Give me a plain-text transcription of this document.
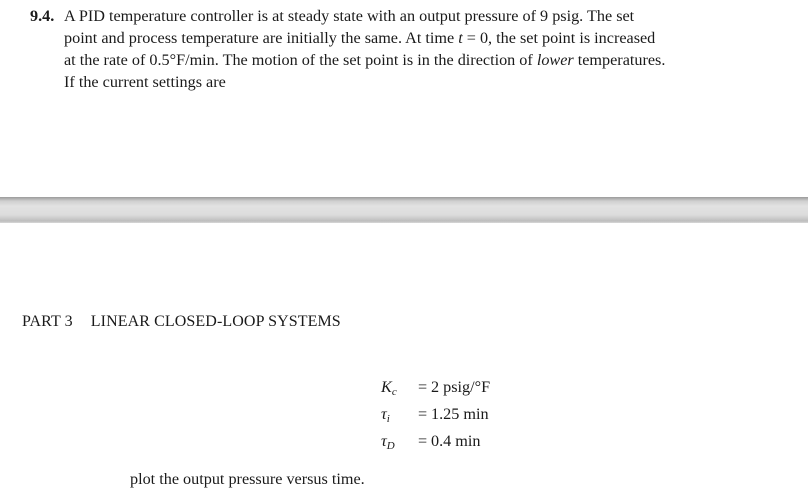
9.4. A PID temperature controller is at steady state with an output pressure of 9 psig. The set
point and process temperature are initially the same. At time t = 0, the set point is increased
at the rate of 0.5°F/min. The motion of the set point is in the direction of lower temperatures.
If the current settings are
PART 3 LINEAR CLOSED-LOOP SYSTEMS
$K_c$	= 2 psig/°F
$\tau_i$	= 1.25 min
$\tau_D$	= 0.4 min
plot the output pressure versus time.
